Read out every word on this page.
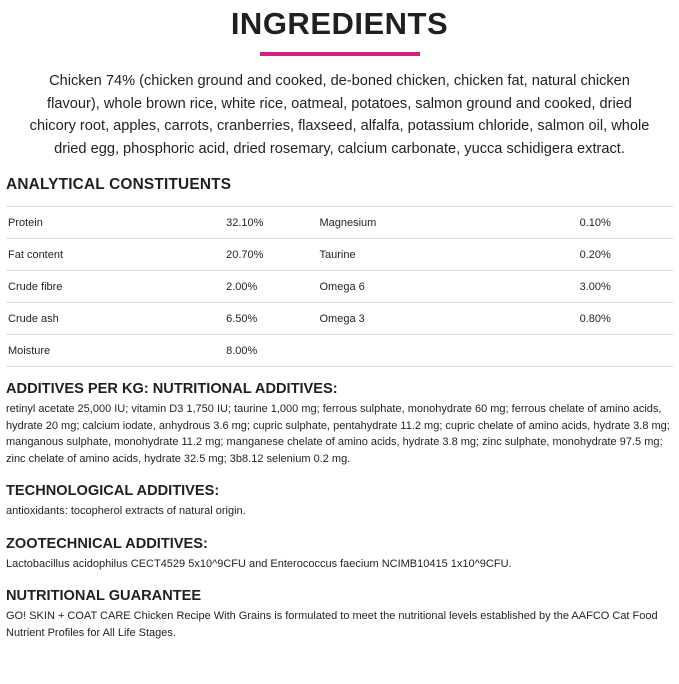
INGREDIENTS

Chicken 74% (chicken ground and cooked, de-boned chicken, chicken fat, natural chicken flavour), whole brown rice, white rice, oatmeal, potatoes, salmon ground and cooked, dried chicory root, apples, carrots, cranberries, flaxseed, alfalfa, potassium chloride, salmon oil, whole dried egg, phosphoric acid, dried rosemary, calcium carbonate, yucca schidigera extract.

ANALYTICAL CONSTITUENTS
Protein	32.10%	Magnesium	0.10%
Fat content	20.70%	Taurine	0.20%
Crude fibre	2.00%	Omega 6	3.00%
Crude ash	6.50%	Omega 3	0.80%
Moisture	8.00%		
ADDITIVES PER KG: NUTRITIONAL ADDITIVES:
retinyl acetate 25,000 IU; vitamin D3 1,750 IU; taurine 1,000 mg; ferrous sulphate, monohydrate 60 mg; ferrous chelate of amino acids, hydrate 20 mg; calcium iodate, anhydrous 3.6 mg; cupric sulphate, pentahydrate 11.2 mg; cupric chelate of amino acids, hydrate 3.8 mg; manganous sulphate, monohydrate 11.2 mg; manganese chelate of amino acids, hydrate 3.8 mg; zinc sulphate, monohydrate 97.5 mg; zinc chelate of amino acids, hydrate 32.5 mg; 3b8.12 selenium 0.2 mg.
TECHNOLOGICAL ADDITIVES:
antioxidants: tocopherol extracts of natural origin.
ZOOTECHNICAL ADDITIVES:
Lactobacillus acidophilus CECT4529 5x10^9CFU and Enterococcus faecium NCIMB10415 1x10^9CFU.
NUTRITIONAL GUARANTEE
GO! SKIN + COAT CARE Chicken Recipe With Grains is formulated to meet the nutritional levels established by the AAFCO Cat Food Nutrient Profiles for All Life Stages.
